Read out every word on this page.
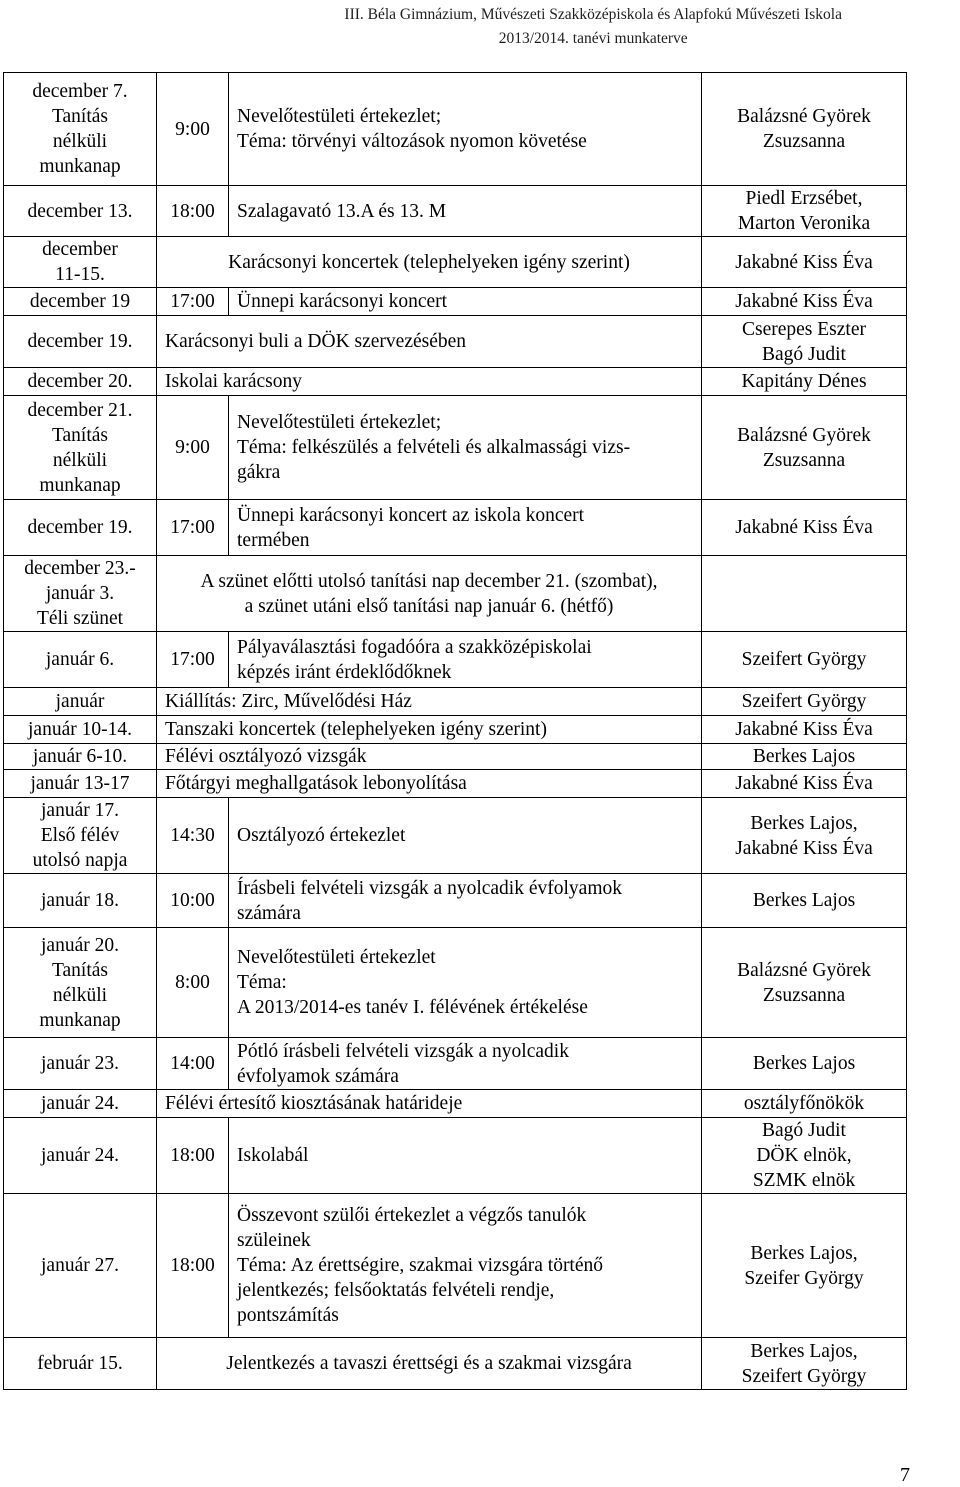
III. Béla Gimnázium, Művészeti Szakközépiskola és Alapfokú Művészeti Iskola
2013/2014. tanévi munkaterve
december 7.
Tanítás
nélküli
munkanap	9:00	Nevelőtestületi értekezlet;
Téma: törvényi változások nyomon követése	Balázsné Györek
Zsuzsanna

december 13.	18:00	Szalagavató 13.A és 13. M	Piedl Erzsébet,
Marton Veronika

december
11-15.	Karácsonyi koncertek (telephelyeken igény szerint)		Jakabné Kiss Éva

december 19	17:00	Ünnepi karácsonyi koncert	Jakabné Kiss Éva

december 19.	Karácsonyi buli a DÖK szervezésében		Cserepes Eszter
Bagó Judit

december 20.	Iskolai karácsony		Kapitány Dénes

december 21.
Tanítás
nélküli
munkanap	9:00	Nevelőtestületi értekezlet;
Téma: felkészülés a felvételi és alkalmassági vizs-
gákra	Balázsné Györek
Zsuzsanna

december 19.	17:00	Ünnepi karácsonyi koncert az iskola koncert
termében	Jakabné Kiss Éva

december 23.-
január 3.
Téli szünet	A szünet előtti utolsó tanítási nap december 21. (szombat),
a szünet utáni első tanítási nap január 6. (hétfő)		

január 6.	17:00	Pályaválasztási fogadóóra a szakközépiskolai
képzés iránt érdeklődőknek	Szeifert György

január	Kiállítás: Zirc, Művelődési Ház		Szeifert György

január 10-14.	Tanszaki koncertek (telephelyeken igény szerint)		Jakabné Kiss Éva

január 6-10.	Félévi osztályozó vizsgák		Berkes Lajos

január 13-17	Főtárgyi meghallgatások lebonyolítása		Jakabné Kiss Éva

január 17.
Első félév
utolsó napja	14:30	Osztályozó értekezlet	Berkes Lajos,
Jakabné Kiss Éva

január 18.	10:00	Írásbeli felvételi vizsgák a nyolcadik évfolyamok
számára	Berkes Lajos

január 20.
Tanítás
nélküli
munkanap	8:00	Nevelőtestületi értekezlet
Téma:
A 2013/2014-es tanév I. félévének értékelése	Balázsné Györek
Zsuzsanna

január 23.	14:00	Pótló írásbeli felvételi vizsgák a nyolcadik
évfolyamok számára	Berkes Lajos

január 24.	Félévi értesítő kiosztásának határideje		osztályfőnökök

január 24.	18:00	Iskolabál	Bagó Judit
DÖK elnök,
SZMK elnök

január 27.	18:00	Összevont szülői értekezlet a végzős tanulók
szüleinek
Téma: Az érettségire, szakmai vizsgára történő
jelentkezés; felsőoktatás felvételi rendje,
pontszámítás	Berkes Lajos,
Szeifer György

február 15.	Jelentkezés a tavaszi érettségi és a szakmai vizsgára		Berkes Lajos,
Szeifert György
7
